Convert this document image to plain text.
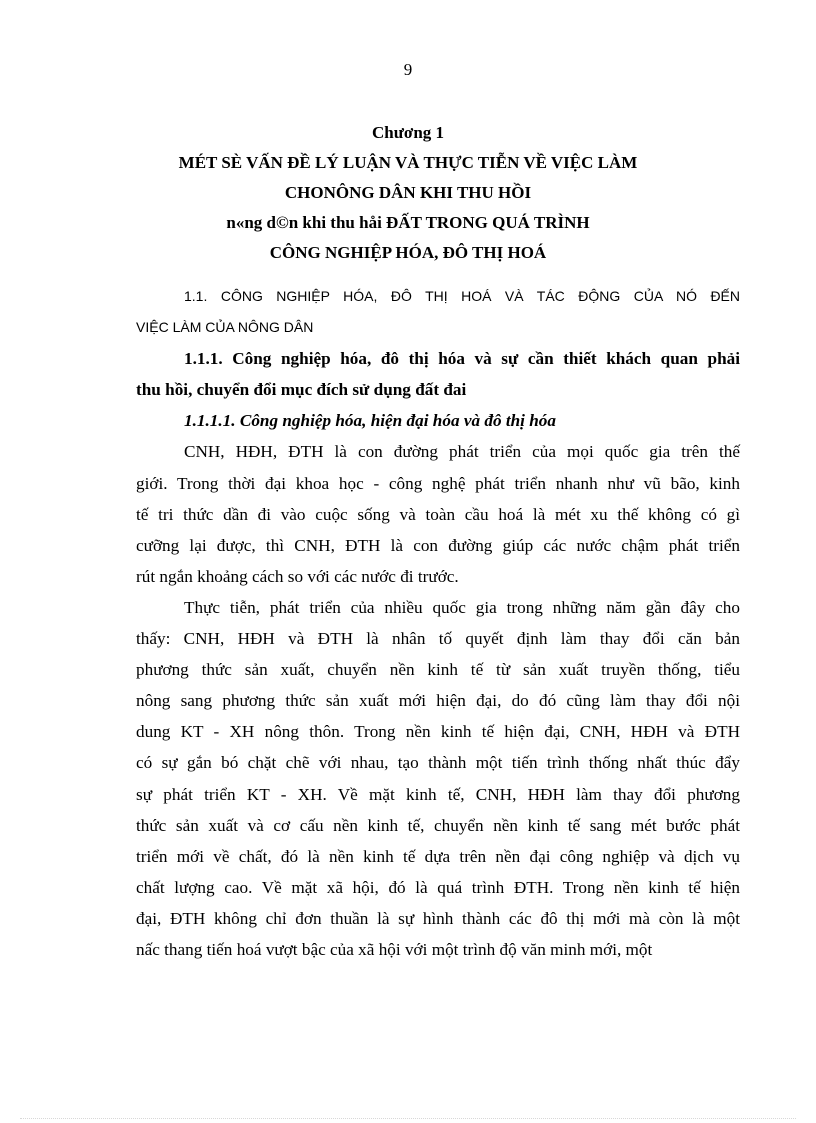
9
Chương 1
MÉT SÈ VẤN ĐỀ LÝ LUẬN VÀ THỰC TIỄN VỀ VIỆC LÀM
CHONÔNG DÂN KHI THU HỒI
n«ng d©n khi thu håi ĐẤT TRONG QUÁ TRÌNH
CÔNG NGHIỆP HÓA, ĐÔ THỊ HOÁ
1.1. CÔNG NGHIỆP HÓA, ĐÔ THỊ HOÁ VÀ TÁC ĐỘNG CỦA NÓ ĐẾN
VIỆC LÀM CỦA NÔNG DÂN
1.1.1. Công nghiệp hóa, đô thị hóa và sự cần thiết khách quan phải
thu hồi, chuyển đổi mục đích sử dụng đất đai
1.1.1.1. Công nghiệp hóa, hiện đại hóa và đô thị hóa
CNH, HĐH, ĐTH là con đường phát triển của mọi quốc gia trên thế
giới. Trong thời đại khoa học - công nghệ phát triển nhanh như vũ bão, kinh
tế tri thức dần đi vào cuộc sống và toàn cầu hoá là mét xu thế không có gì
cưỡng lại được, thì CNH, ĐTH là con đường giúp các nước chậm phát triển
rút ngắn khoảng cách so với các nước đi trước.
Thực tiễn, phát triển của nhiều quốc gia trong những năm gần đây cho
thấy: CNH, HĐH và ĐTH là nhân tố quyết định làm thay đổi căn bản
phương thức sản xuất, chuyển nền kinh tế từ sản xuất truyền thống, tiểu
nông sang phương thức sản xuất mới hiện đại, do đó cũng làm thay đổi nội
dung KT - XH nông thôn. Trong nền kinh tế hiện đại, CNH, HĐH và ĐTH
có sự gắn bó chặt chẽ với nhau, tạo thành một tiến trình thống nhất thúc đẩy
sự phát triển KT - XH. Về mặt kinh tế, CNH, HĐH làm thay đổi phương
thức sản xuất và cơ cấu nền kinh tế, chuyển nền kinh tế sang mét bước phát
triển mới về chất, đó là nền kinh tế dựa trên nền đại công nghiệp và dịch vụ
chất lượng cao. Về mặt xã hội, đó là quá trình ĐTH. Trong nền kinh tế hiện
đại, ĐTH không chỉ đơn thuần là sự hình thành các đô thị mới mà còn là một
nấc thang tiến hoá vượt bậc của xã hội với một trình độ văn minh mới, một
